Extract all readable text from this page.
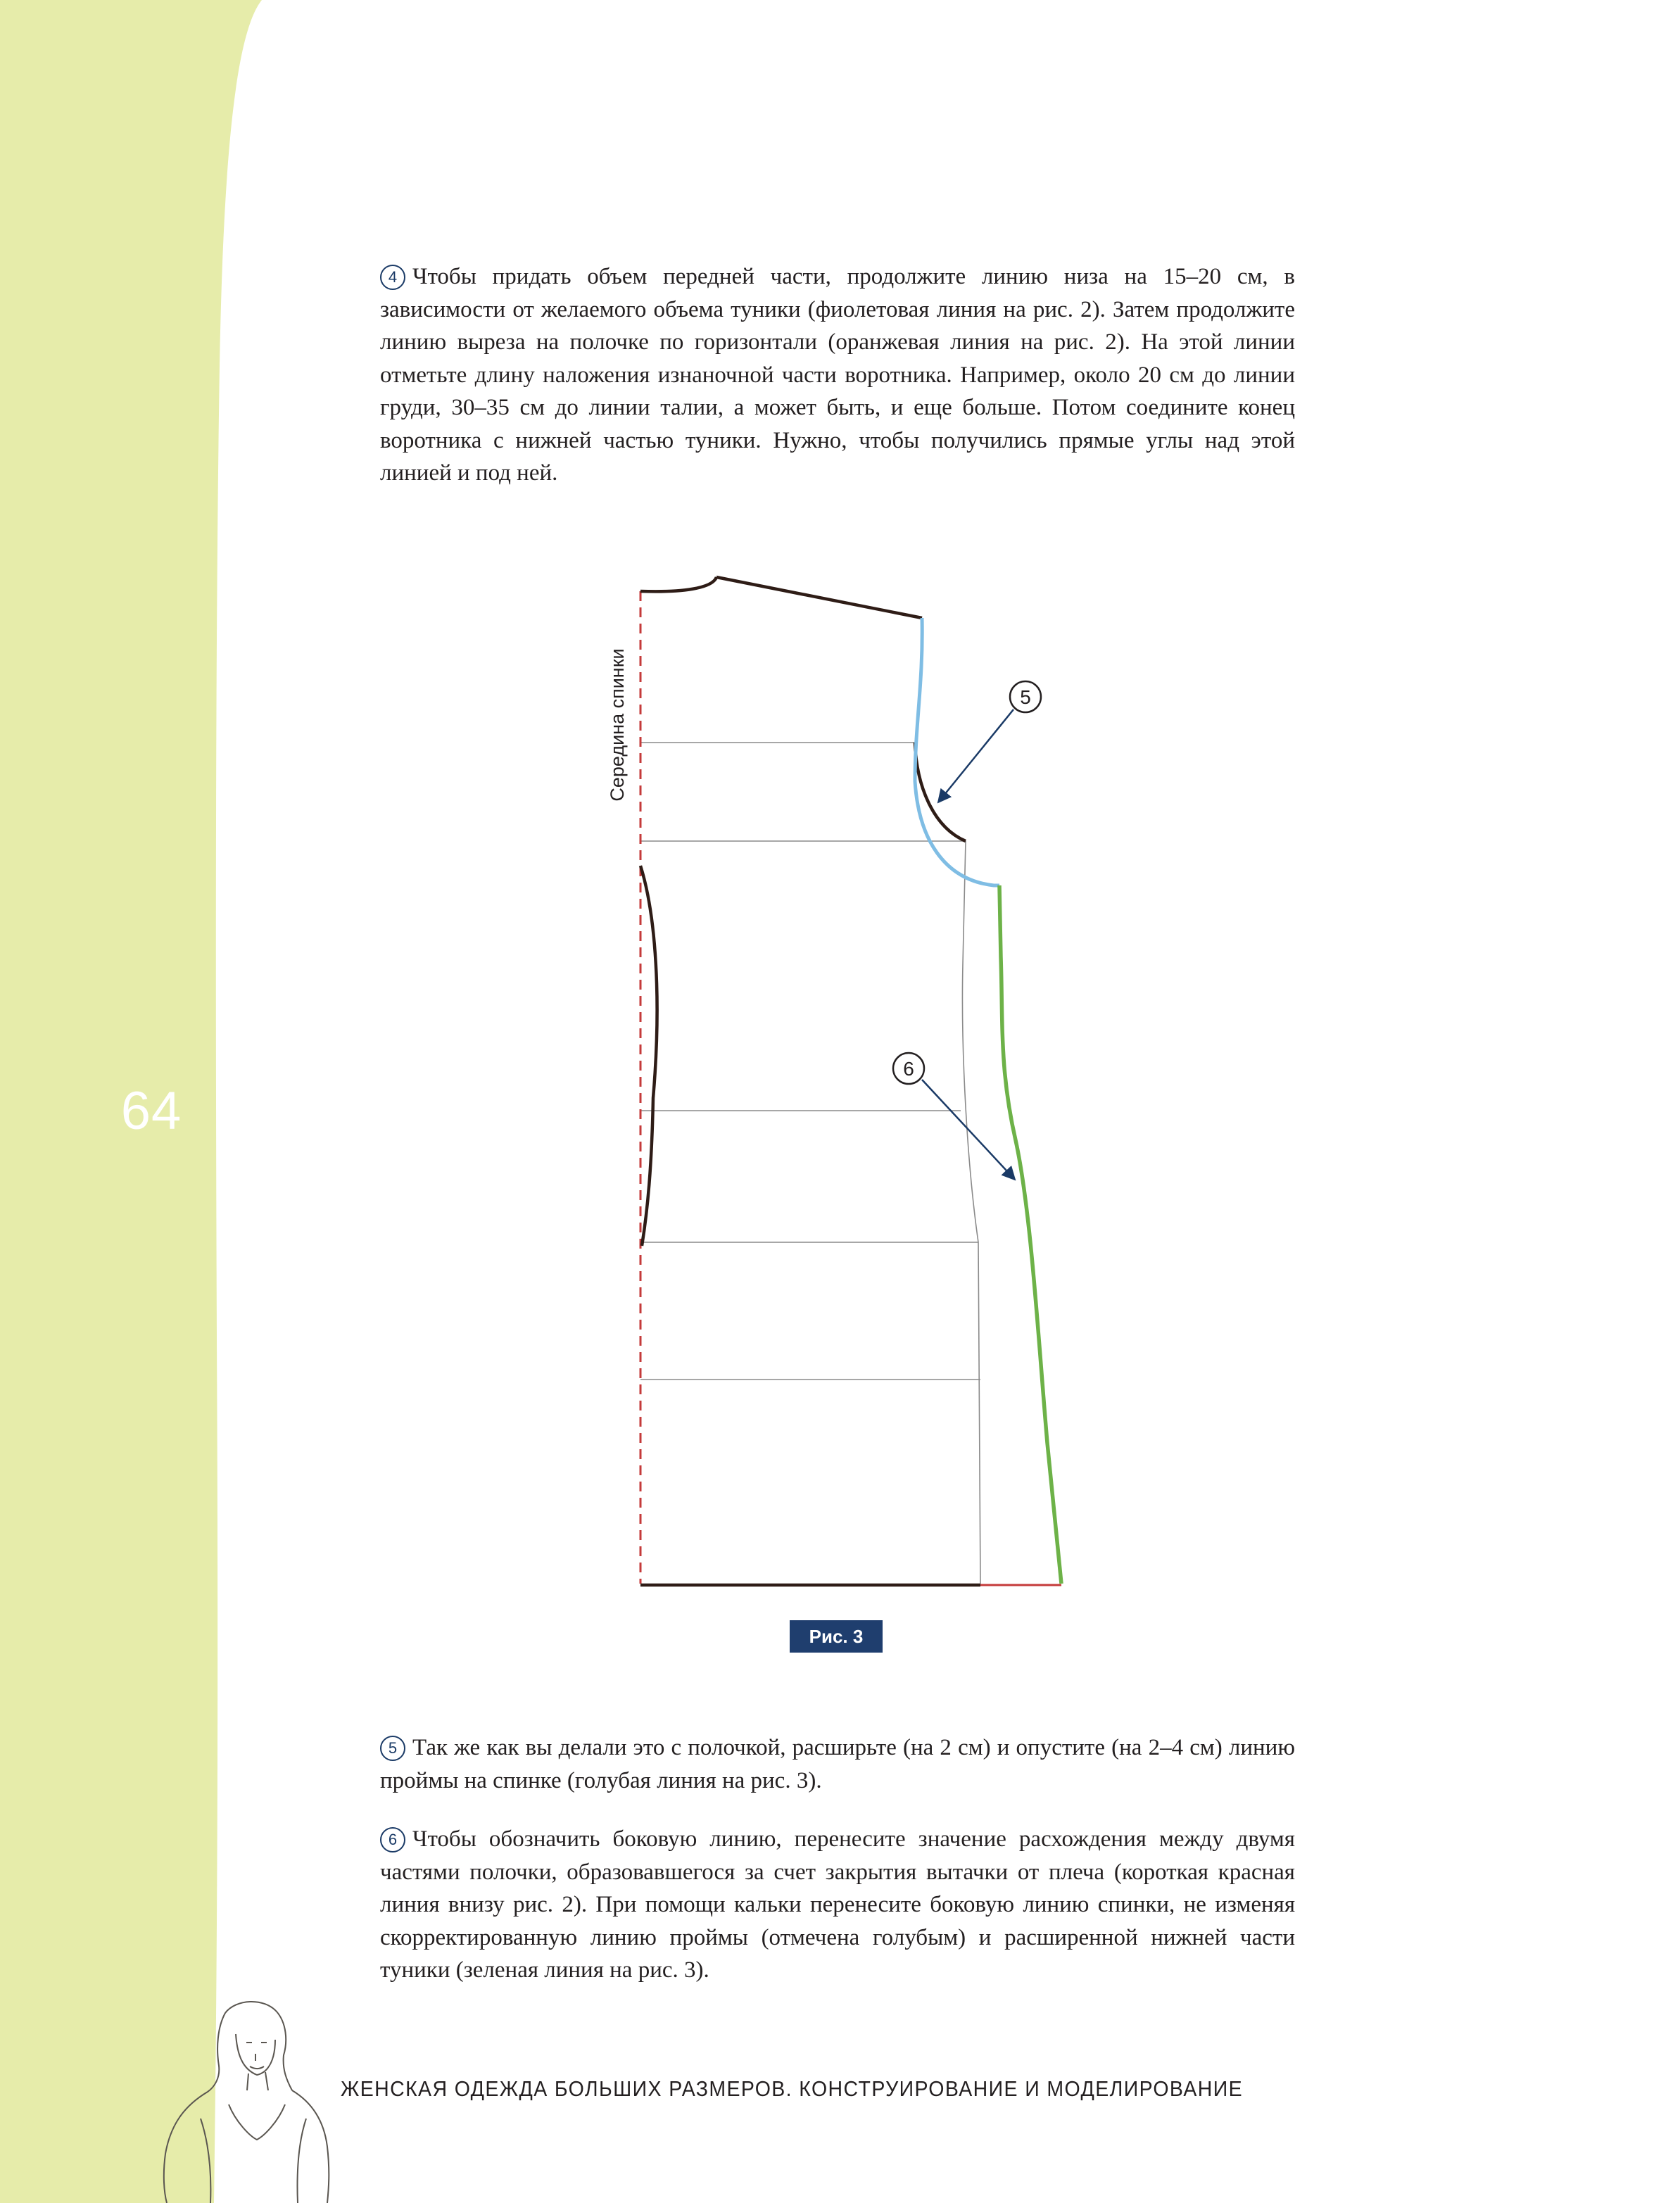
64

4 Чтобы придать объем передней части, продолжите линию низа на 15–20 см, в зависимости от желаемого объема туники (фиолетовая линия на рис. 2). Затем продолжите линию выреза на полочке по горизонтали (оранжевая линия на рис. 2). На этой линии отметьте длину наложения изнаночной части воротника. Например, около 20 см до линии груди, 30–35 см до линии талии, а может быть, и еще больше. Потом соедините конец воротника с нижней частью туники. Нужно, чтобы получились прямые углы над этой линией и под ней.

5
6
Середина спинки
Рис. 3

5 Так же как вы делали это с полочкой, расширьте (на 2 см) и опустите (на 2–4 см) линию проймы на спинке (голубая линия на рис. 3).

6 Чтобы обозначить боковую линию, перенесите значение расхождения между двумя частями полочки, образовавшегося за счет закрытия вытачки от плеча (короткая красная линия внизу рис. 2). При помощи кальки перенесите боковую линию спинки, не изменяя скорректированную линию проймы (отмечена голубым) и расширенной нижней части туники (зеленая линия на рис. 3).

ЖЕНСКАЯ ОДЕЖДА БОЛЬШИХ РАЗМЕРОВ. КОНСТРУИРОВАНИЕ И МОДЕЛИРОВАНИЕ
